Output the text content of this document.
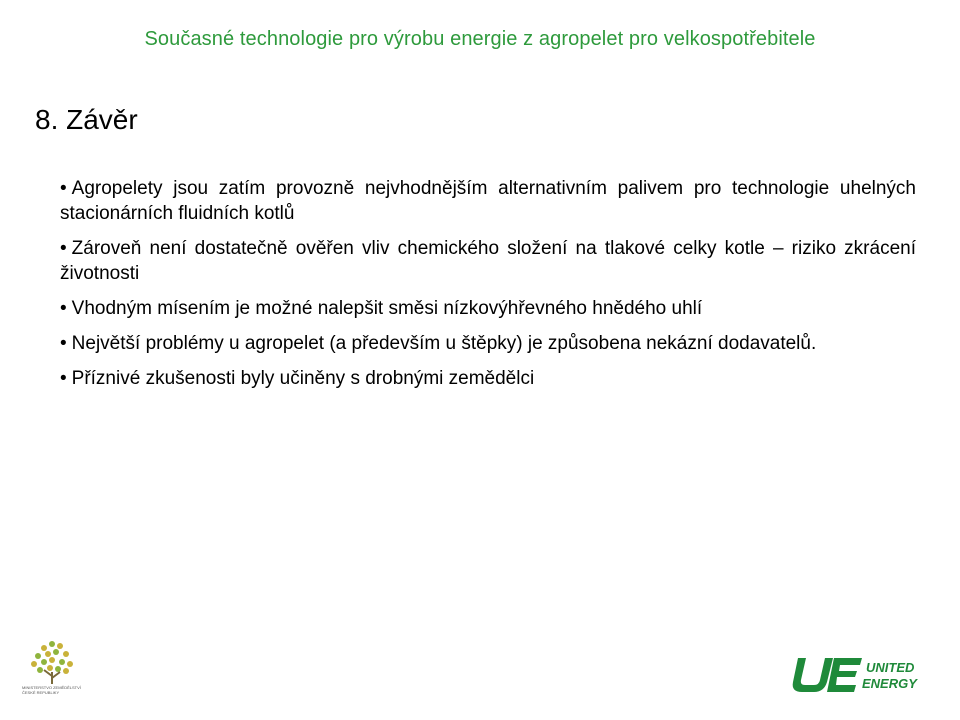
Současné technologie pro výrobu energie z agropelet pro velkospotřebitele
8. Závěr
• Agropelety jsou zatím provozně nejvhodnějším alternativním palivem pro technologie uhelných stacionárních fluidních kotlů
• Zároveň není dostatečně ověřen vliv chemického složení na tlakové celky kotle – riziko zkrácení životnosti
• Vhodným mísením je možné nalepšit směsi nízkovýhřevného hnědého uhlí
• Největší problémy u agropelet (a především u štěpky) je způsobena nekázní dodavatelů.
• Příznivé zkušenosti byly učiněny s drobnými zemědělci
MINISTERSTVO ZEMĚDĚLSTVÍ ČESKÉ REPUBLIKY
UNITED
ENERGY
